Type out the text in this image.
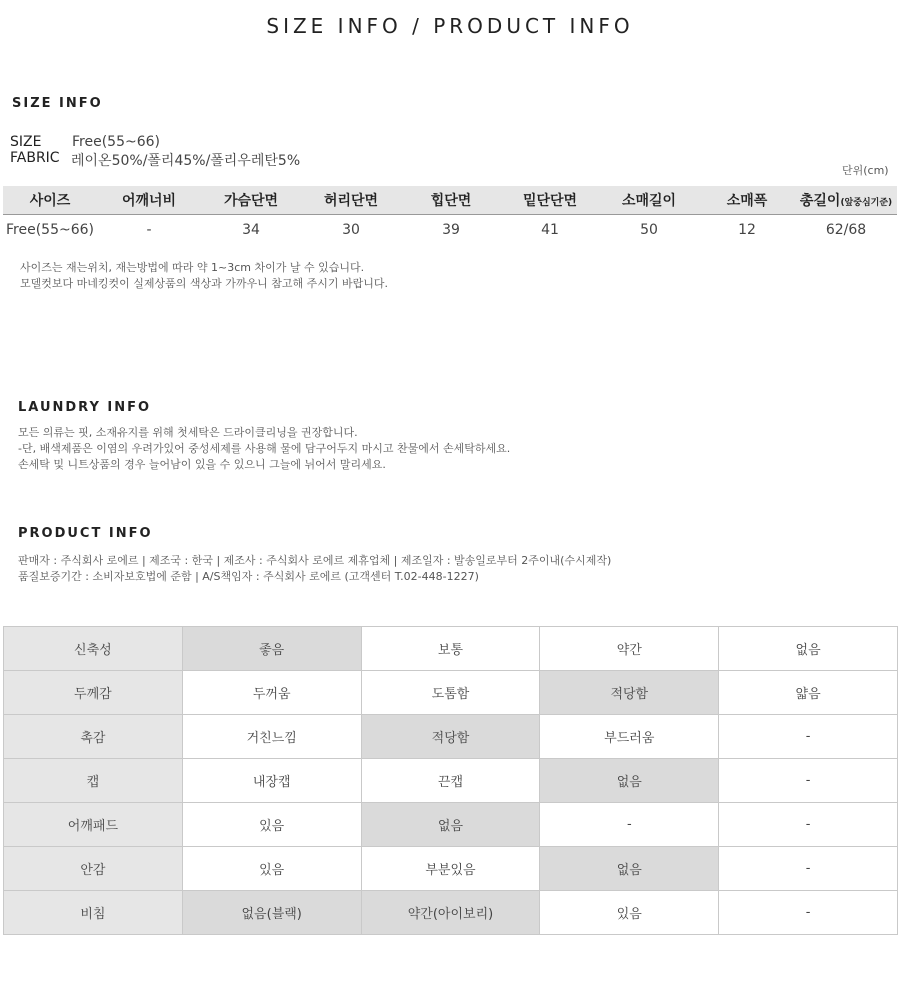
SIZE INFO / PRODUCT INFO
SIZE INFO
SIZE Free(55~66)
FABRIC 레이온50%/폴리45%/폴리우레탄5%
단위(cm)
사이즈	어깨너비	가슴단면	허리단면	힙단면	밑단단면	소매길이	소매폭	총길이(앞중심기준)
Free(55~66)	-	34	30	39	41	50	12	62/68
사이즈는 재는위치, 재는방법에 따라 약 1~3cm 차이가 날 수 있습니다.
모델컷보다 마네킹컷이 실제상품의 색상과 가까우니 참고해 주시기 바랍니다.
LAUNDRY INFO
모든 의류는 핏, 소재유지를 위해 첫세탁은 드라이클리닝을 권장합니다.
-단, 배색제품은 이염의 우려가있어 중성세제를 사용해 물에 담구어두지 마시고 찬물에서 손세탁하세요.
손세탁 및 니트상품의 경우 늘어남이 있을 수 있으니 그늘에 뉘어서 말리세요.
PRODUCT INFO
판매자 : 주식회사 로에르 | 제조국 : 한국 | 제조사 : 주식회사 로에르 제휴업체 | 제조일자 : 발송일로부터 2주이내(수시제작)
품질보증기간 : 소비자보호법에 준함 | A/S책임자 : 주식회사 로에르 (고객센터 T.02-448-1227)
신축성	좋음	보통	약간	없음
두께감	두꺼움	도톰함	적당함	얇음
촉감	거친느낌	적당함	부드러움	-
캡	내장캡	끈캡	없음	-
어깨패드	있음	없음	-	-
안감	있음	부분있음	없음	-
비침	없음(블랙)	약간(아이보리)	있음	-
